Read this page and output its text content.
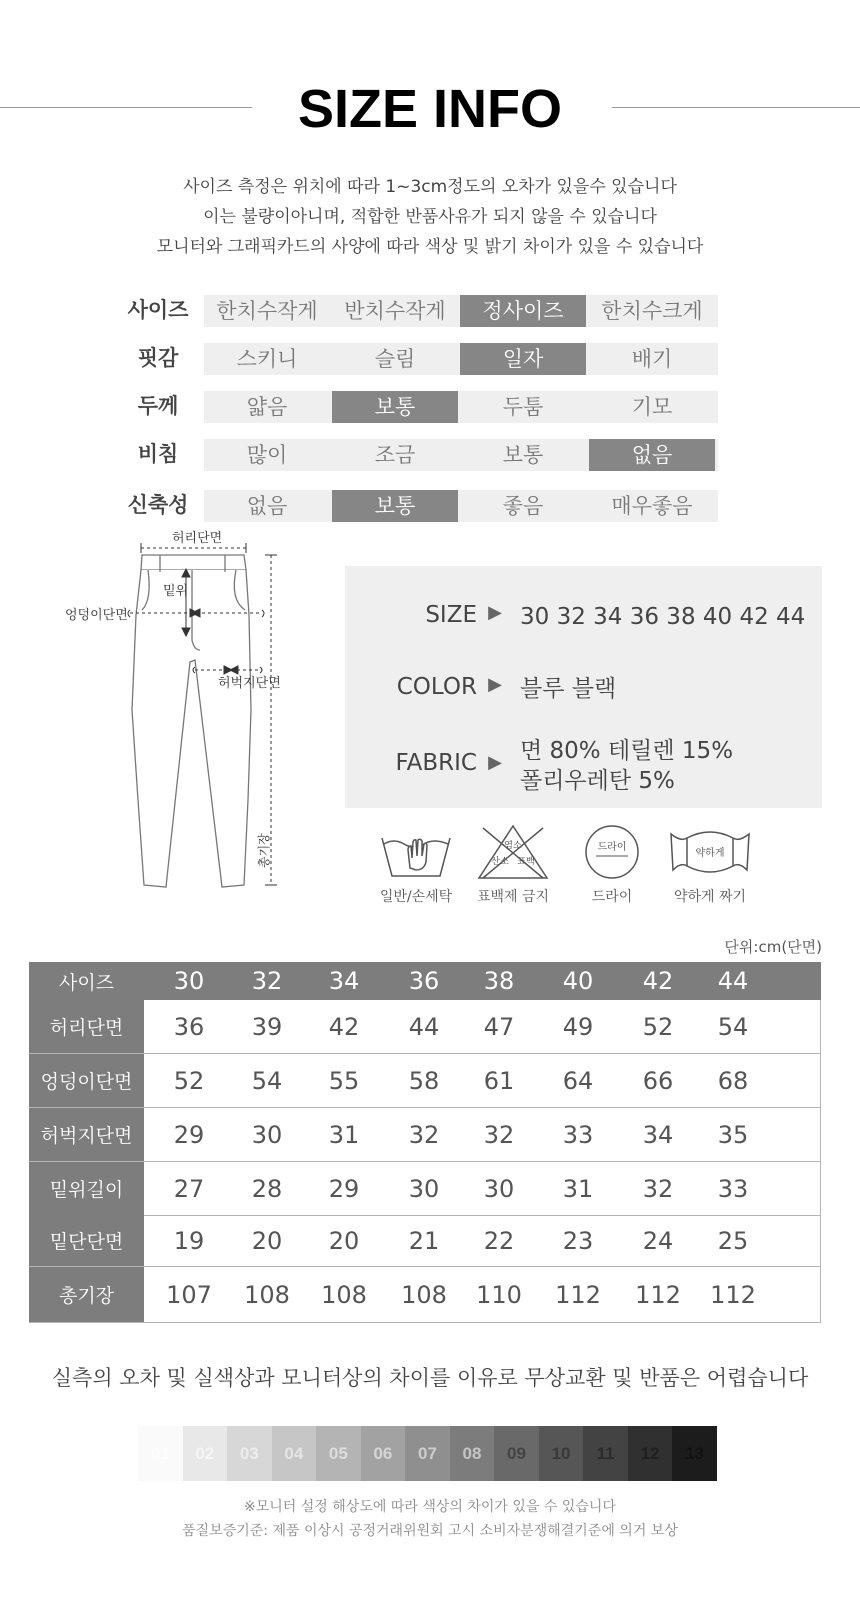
SIZE INFO
사이즈 측정은 위치에 따라 1~3cm정도의 오차가 있을수 있습니다
이는 불량이아니며, 적합한 반품사유가 되지 않을 수 있습니다
모니터와 그래픽카드의 사양에 따라 색상 및 밝기 차이가 있을 수 있습니다
사이즈	한치수작게	반치수작게	정사이즈	한치수크게
핏감	스키니	슬림	일자	배기
두께	얇음	보통	두툼	기모
비침	많이	조금	보통	없음
신축성	없음	보통	좋음	매우좋음
허리단면
밑위
엉덩이단면
허벅지단면
총기장
SIZE ▶ 30 32 34 36 38 40 42 44
COLOR ▶ 블루 블랙
FABRIC ▶ 면 80% 테릴렌 15%
폴리우레탄 5%
일반/손세탁
염소
산소 표백
표백제 금지
드라이
드라이
약하게
약하게 짜기
단위:cm(단면)
사이즈	30	32	34	36	38	40	42	44
허리단면	36	39	42	44	47	49	52	54
엉덩이단면	52	54	55	58	61	64	66	68
허벅지단면	29	30	31	32	32	33	34	35
밑위길이	27	28	29	30	30	31	32	33
밑단단면	19	20	20	21	22	23	24	25
총기장	107	108	108	108	110	112	112	112
실측의 오차 및 실색상과 모니터상의 차이를 이유로 무상교환 및 반품은 어렵습니다
01	02	03	04	05	06	07	08	09	10	11	12	13
※모니터 설정 해상도에 따라 색상의 차이가 있을 수 있습니다
품질보증기준: 제품 이상시 공정거래위원회 고시 소비자분쟁해결기준에 의거 보상
